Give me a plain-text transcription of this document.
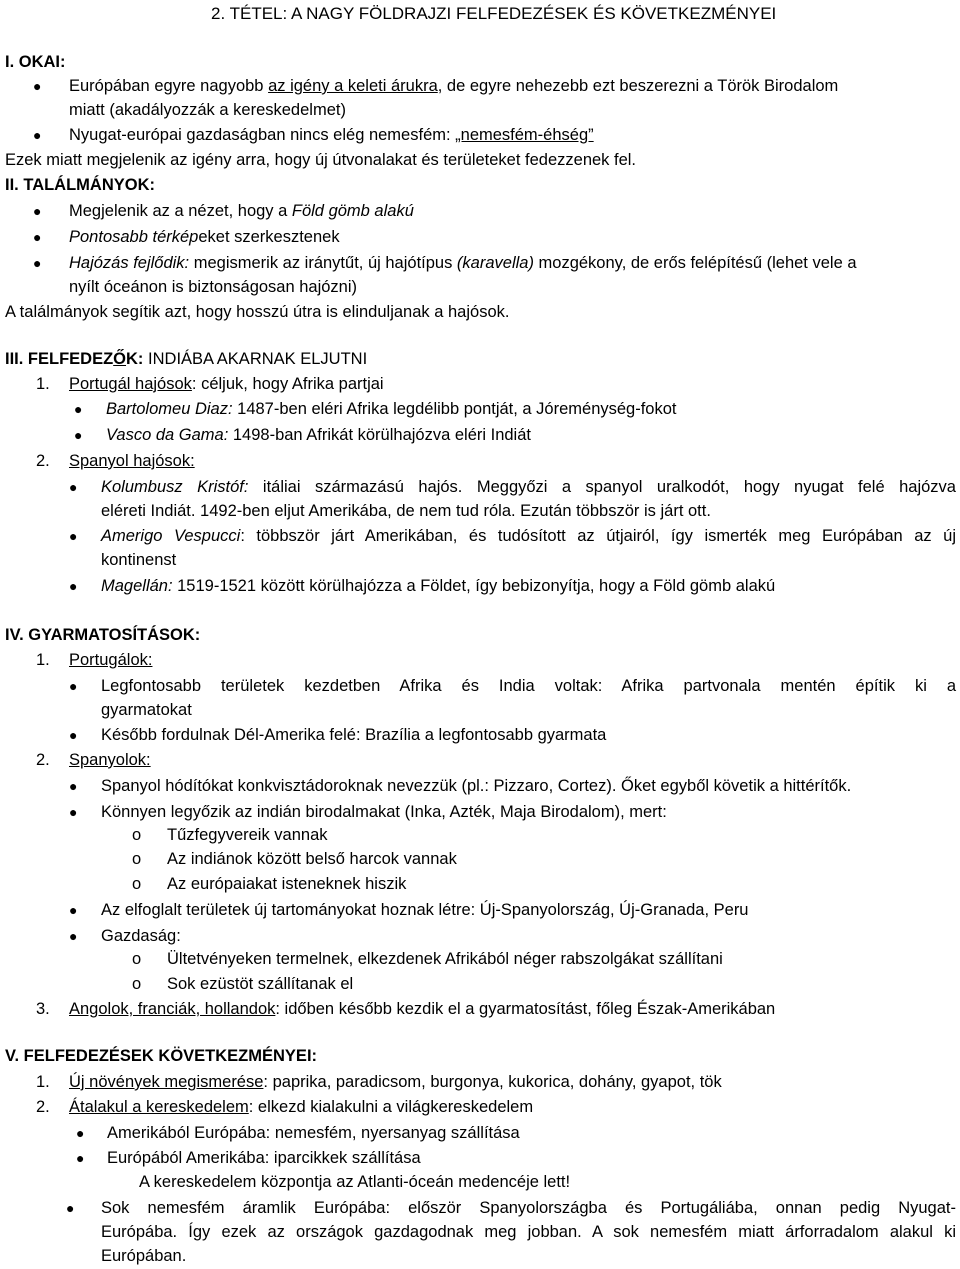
2. TÉTEL: A NAGY FÖLDRAJZI FELFEDEZÉSEK ÉS KÖVETKEZMÉNYEI
I. OKAI:
● Európában egyre nagyobb az igény a keleti árukra, de egyre nehezebb ezt beszerezni a Török Birodalom
miatt (akadályozzák a kereskedelmet)
● Nyugat-európai gazdaságban nincs elég nemesfém: „nemesfém-éhség”
Ezek miatt megjelenik az igény arra, hogy új útvonalakat és területeket fedezzenek fel.
II. TALÁLMÁNYOK:
● Megjelenik az a nézet, hogy a Föld gömb alakú
● Pontosabb térképeket szerkesztenek
● Hajózás fejlődik: megismerik az iránytűt, új hajótípus (karavella) mozgékony, de erős felépítésű (lehet vele a
nyílt óceánon is biztonságosan hajózni)
A találmányok segítik azt, hogy hosszú útra is elinduljanak a hajósok.
III. FELFEDEZŐK: INDIÁBA AKARNAK ELJUTNI
1. Portugál hajósok: céljuk, hogy Afrika partjai
● Bartolomeu Diaz: 1487-ben eléri Afrika legdélibb pontját, a Jóreménység-fokot
● Vasco da Gama: 1498-ban Afrikát körülhajózva eléri Indiát
2. Spanyol hajósok:
● Kolumbusz Kristóf: itáliai származású hajós. Meggyőzi a spanyol uralkodót, hogy nyugat felé hajózva
eléreti Indiát. 1492-ben eljut Amerikába, de nem tud róla. Ezután többször is járt ott.
● Amerigo Vespucci: többször járt Amerikában, és tudósított az útjairól, így ismerték meg Európában az új
kontinenst
● Magellán: 1519-1521 között körülhajózza a Földet, így bebizonyítja, hogy a Föld gömb alakú
IV. GYARMATOSÍTÁSOK:
1. Portugálok:
● Legfontosabb területek kezdetben Afrika és India voltak: Afrika partvonala mentén építik ki a
gyarmatokat
● Később fordulnak Dél-Amerika felé: Brazília a legfontosabb gyarmata
2. Spanyolok:
● Spanyol hódítókat konkvisztádoroknak nevezzük (pl.: Pizzaro, Cortez). Őket egyből követik a hittérítők.
● Könnyen legyőzik az indián birodalmakat (Inka, Azték, Maja Birodalom), mert:
o Tűzfegyvereik vannak
o Az indiánok között belső harcok vannak
o Az európaiakat isteneknek hiszik
● Az elfoglalt területek új tartományokat hoznak létre: Új-Spanyolország, Új-Granada, Peru
● Gazdaság:
o Ültetvényeken termelnek, elkezdenek Afrikából néger rabszolgákat szállítani
o Sok ezüstöt szállítanak el
3. Angolok, franciák, hollandok: időben később kezdik el a gyarmatosítást, főleg Észak-Amerikában
V. FELFEDEZÉSEK KÖVETKEZMÉNYEI:
1. Új növények megismerése: paprika, paradicsom, burgonya, kukorica, dohány, gyapot, tök
2. Átalakul a kereskedelem: elkezd kialakulni a világkereskedelem
● Amerikából Európába: nemesfém, nyersanyag szállítása
● Európából Amerikába: iparcikkek szállítása
A kereskedelem központja az Atlanti-óceán medencéje lett!
● Sok nemesfém áramlik Európába: először Spanyolországba és Portugáliába, onnan pedig Nyugat-
Európába. Így ezek az országok gazdagodnak meg jobban. A sok nemesfém miatt árforradalom alakul ki
Európában.
